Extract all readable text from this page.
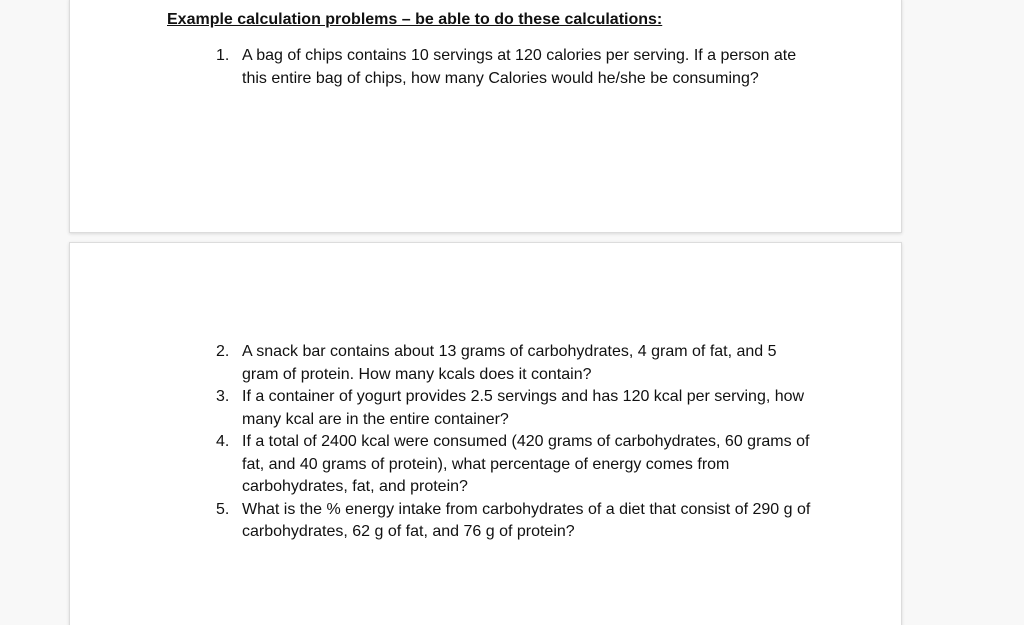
Example calculation problems – be able to do these calculations:
1. A bag of chips contains 10 servings at 120 calories per serving. If a person ate this entire bag of chips, how many Calories would he/she be consuming?
2. A snack bar contains about 13 grams of carbohydrates, 4 gram of fat, and 5 gram of protein. How many kcals does it contain?
3. If a container of yogurt provides 2.5 servings and has 120 kcal per serving, how many kcal are in the entire container?
4. If a total of 2400 kcal were consumed (420 grams of carbohydrates, 60 grams of fat, and 40 grams of protein), what percentage of energy comes from carbohydrates, fat, and protein?
5. What is the % energy intake from carbohydrates of a diet that consist of 290 g of carbohydrates, 62 g of fat, and 76 g of protein?
